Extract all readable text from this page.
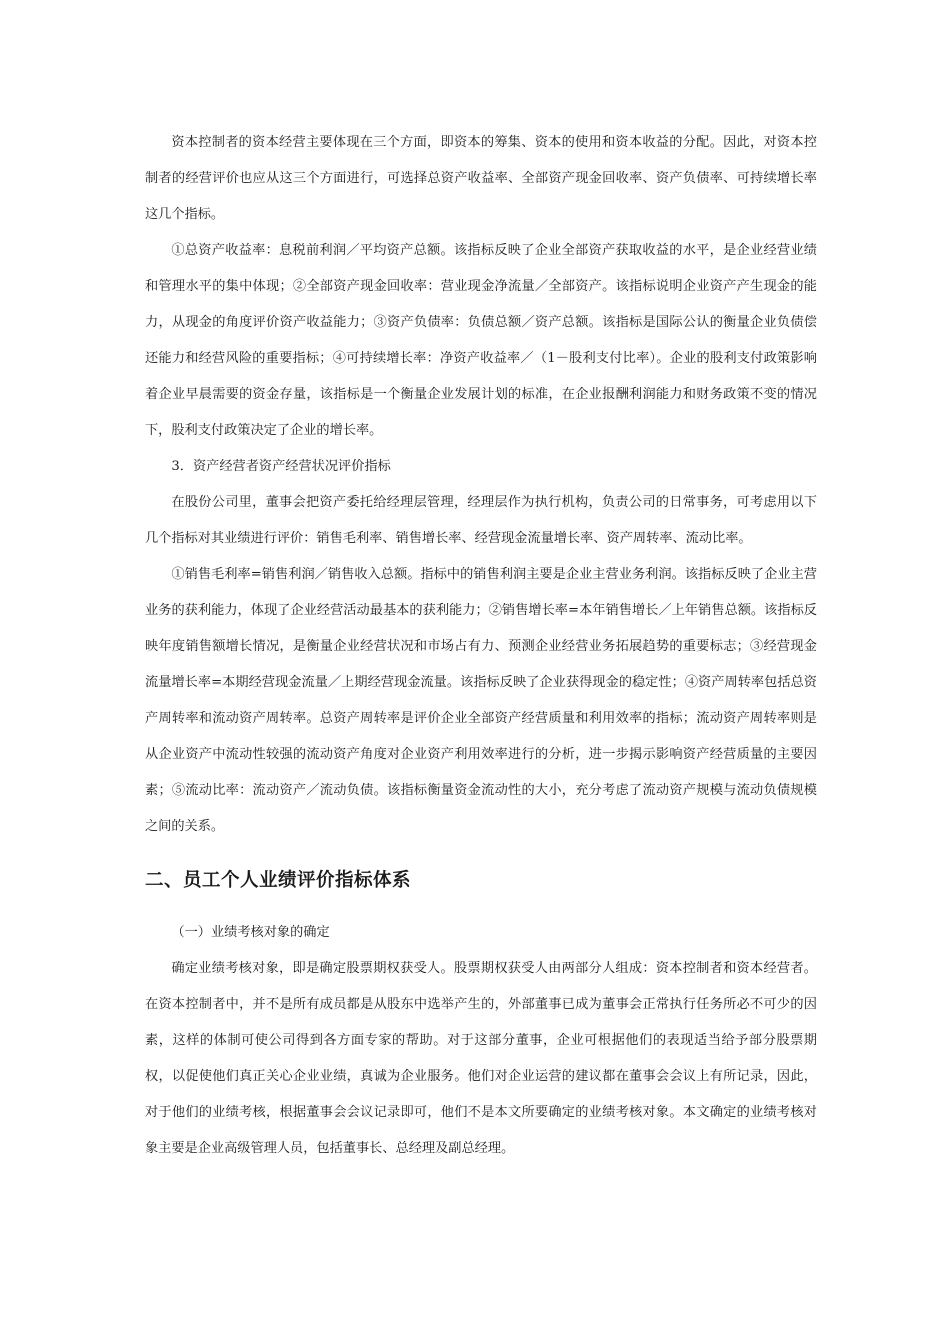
资本控制者的资本经营主要体现在三个方面，即资本的筹集、资本的使用和资本收益的分配。因此，对资本控制者的经营评价也应从这三个方面进行，可选择总资产收益率、全部资产现金回收率、资产负债率、可持续增长率这几个指标。

①总资产收益率：息税前利润／平均资产总额。该指标反映了企业全部资产获取收益的水平，是企业经营业绩和管理水平的集中体现；②全部资产现金回收率：营业现金净流量／全部资产。该指标说明企业资产产生现金的能力，从现金的角度评价资产收益能力；③资产负债率：负债总额／资产总额。该指标是国际公认的衡量企业负债偿还能力和经营风险的重要指标；④可持续增长率：净资产收益率／（1－股利支付比率）。企业的股利支付政策影响着企业早晨需要的资金存量，该指标是一个衡量企业发展计划的标准，在企业报酬利润能力和财务政策不变的情况下，股利支付政策决定了企业的增长率。

3．资产经营者资产经营状况评价指标

在股份公司里，董事会把资产委托给经理层管理，经理层作为执行机构，负责公司的日常事务，可考虑用以下几个指标对其业绩进行评价：销售毛利率、销售增长率、经营现金流量增长率、资产周转率、流动比率。

①销售毛利率=销售利润／销售收入总额。指标中的销售利润主要是企业主营业务利润。该指标反映了企业主营业务的获利能力，体现了企业经营活动最基本的获利能力；②销售增长率=本年销售增长／上年销售总额。该指标反映年度销售额增长情况，是衡量企业经营状况和市场占有力、预测企业经营业务拓展趋势的重要标志；③经营现金流量增长率=本期经营现金流量／上期经营现金流量。该指标反映了企业获得现金的稳定性；④资产周转率包括总资产周转率和流动资产周转率。总资产周转率是评价企业全部资产经营质量和利用效率的指标；流动资产周转率则是从企业资产中流动性较强的流动资产角度对企业资产利用效率进行的分析，进一步揭示影响资产经营质量的主要因素；⑤流动比率：流动资产／流动负债。该指标衡量资金流动性的大小，充分考虑了流动资产规模与流动负债规模之间的关系。

二、员工个人业绩评价指标体系

（一）业绩考核对象的确定

确定业绩考核对象，即是确定股票期权获受人。股票期权获受人由两部分人组成：资本控制者和资本经营者。在资本控制者中，并不是所有成员都是从股东中选举产生的，外部董事已成为董事会正常执行任务所必不可少的因素，这样的体制可使公司得到各方面专家的帮助。对于这部分董事，企业可根据他们的表现适当给予部分股票期权，以促使他们真正关心企业业绩，真诚为企业服务。他们对企业运营的建议都在董事会会议上有所记录，因此，对于他们的业绩考核，根据董事会会议记录即可，他们不是本文所要确定的业绩考核对象。本文确定的业绩考核对象主要是企业高级管理人员，包括董事长、总经理及副总经理。
